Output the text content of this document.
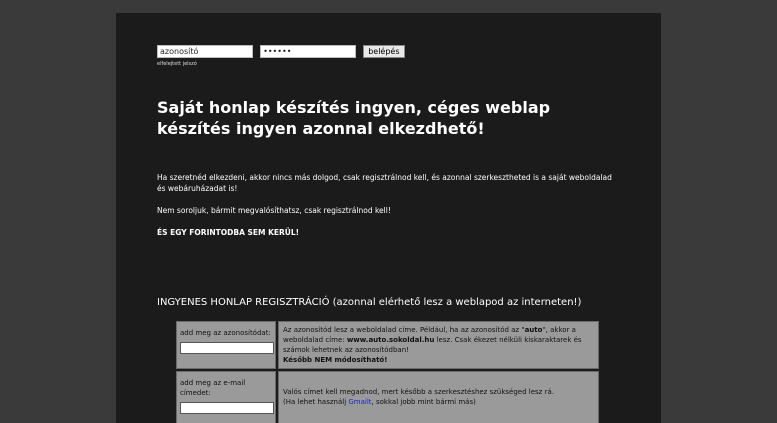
azonosító •••••• belépés
elfelejtett jelszó
Saját honlap készítés ingyen, céges weblap készítés ingyen azonnal elkezdhető!
Ha szeretnéd elkezdeni, akkor nincs más dolgod, csak regisztrálnod kell, és azonnal szerkesztheted is a saját weboldalad és webáruházadat is!
Nem soroljuk, bármit megvalósíthatsz, csak regisztrálnod kell!
ÉS EGY FORINTODBA SEM KERÜL!
INGYENES HONLAP REGISZTRÁCIÓ (azonnal elérhető lesz a weblapod az interneten!)
add meg az azonosítódat:	Az azonosítód lesz a weboldalad címe. Például, ha az azonosítód az "auto", akkor a weboldalad címe: www.auto.sokoldal.hu lesz. Csak ékezet nélküli kiskaraktarek és számok lehetnek az azonosítódban!
Később NEM módosítható!
add meg az e-mail címedet:	Valós címet kell megadnod, mert később a szerkesztéshez szükséged lesz rá.
(Ha lehet használj Gmailt, sokkal jobb mint bármi más)
